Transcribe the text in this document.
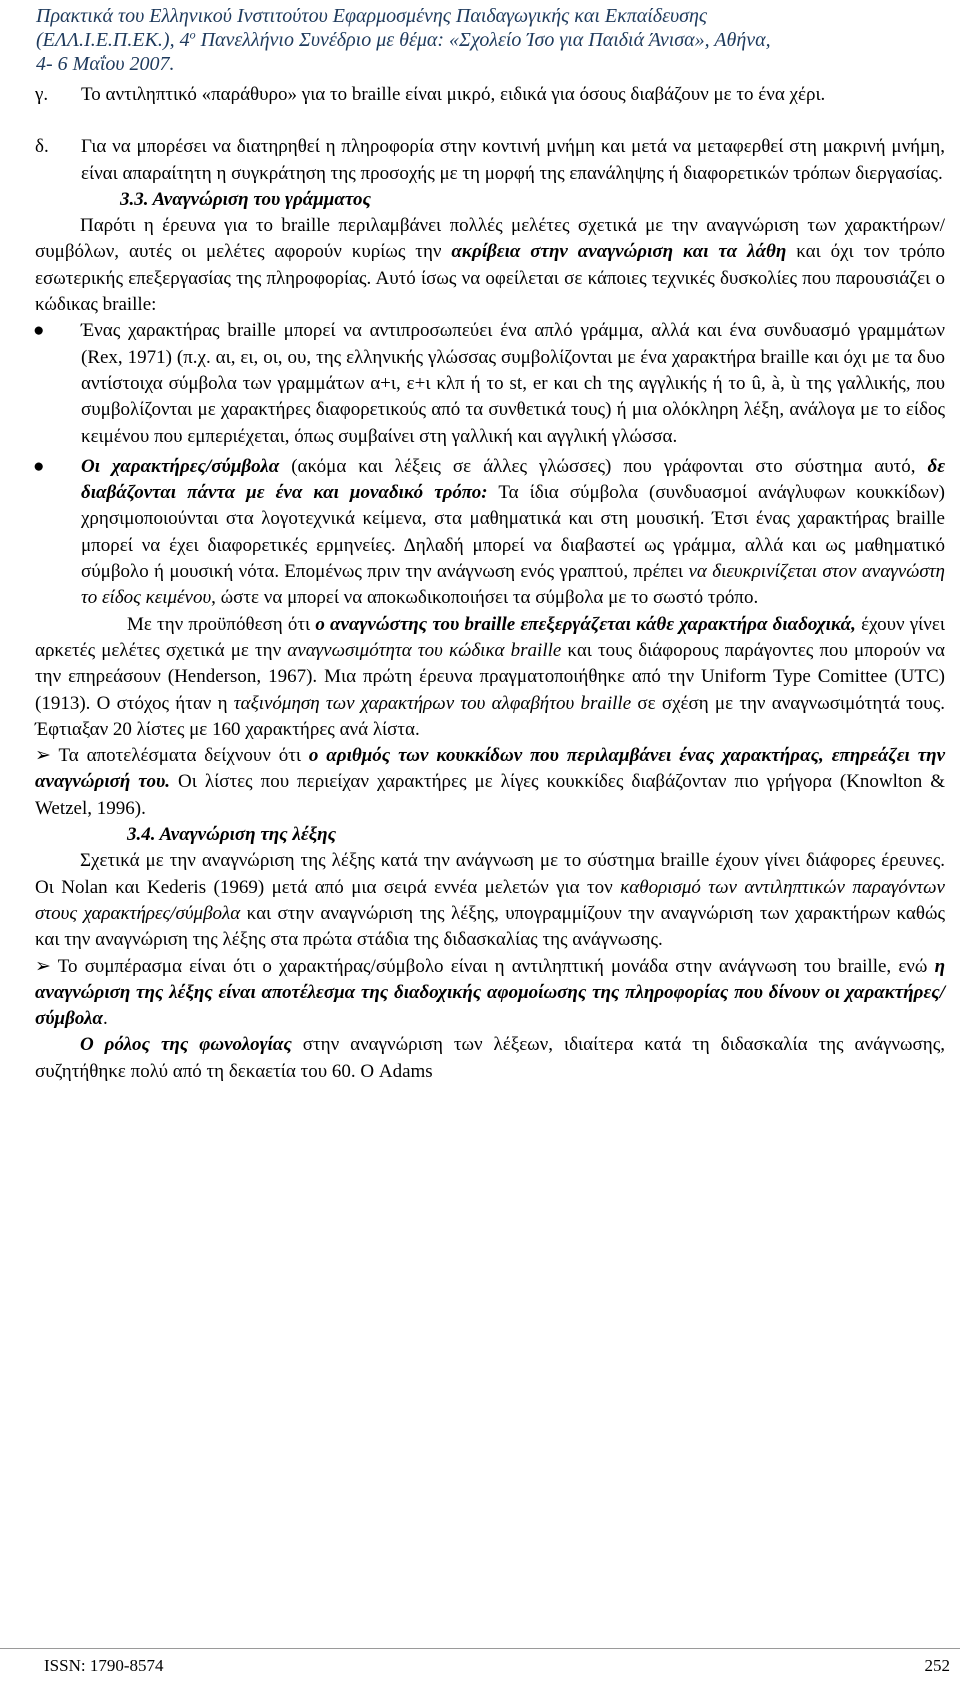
Πρακτικά του Ελληνικού Ινστιτούτου Εφαρμοσμένης Παιδαγωγικής και Εκπαίδευσης
(ΕΛΛ.Ι.Ε.Π.ΕΚ.), $4^o$ Πανελλήνιο Συνέδριο με θέμα: «Σχολείο Ίσο για Παιδιά Άνισα», Αθήνα,
4- 6 Μαΐου 2007.
γ. Το αντιληπτικό «παράθυρο» για το braille είναι μικρό, ειδικά για όσους διαβάζουν με το ένα χέρι.
δ. Για να μπορέσει να διατηρηθεί η πληροφορία στην κοντινή μνήμη και μετά να μεταφερθεί στη μακρινή μνήμη, είναι απαραίτητη η συγκράτηση της προσοχής με τη μορφή της επανάληψης ή διαφορετικών τρόπων διεργασίας.
3.3. Αναγνώριση του γράμματος

Παρότι η έρευνα για το braille περιλαμβάνει πολλές μελέτες σχετικά με την αναγνώριση των χαρακτήρων/συμβόλων, αυτές οι μελέτες αφορούν κυρίως την ακρίβεια στην αναγνώριση και τα λάθη και όχι τον τρόπο εσωτερικής επεξεργασίας της πληροφορίας. Αυτό ίσως να οφείλεται σε κάποιες τεχνικές δυσκολίες που παρουσιάζει ο κώδικας braille:

● Ένας χαρακτήρας braille μπορεί να αντιπροσωπεύει ένα απλό γράμμα, αλλά και ένα συνδυασμό γραμμάτων (Rex, 1971) (π.χ. αι, ει, οι, ου, της ελληνικής γλώσσας συμβολίζονται με ένα χαρακτήρα braille και όχι με τα δυο αντίστοιχα σύμβολα των γραμμάτων α+ι, ε+ι κλπ ή το st, er και ch της αγγλικής ή το û, à, ù της γαλλικής, που συμβολίζονται με χαρακτήρες διαφορετικούς από τα συνθετικά τους) ή μια ολόκληρη λέξη, ανάλογα με το είδος κειμένου που εμπεριέχεται, όπως συμβαίνει στη γαλλική και αγγλική γλώσσα.
● Οι χαρακτήρες/σύμβολα (ακόμα και λέξεις σε άλλες γλώσσες) που γράφονται στο σύστημα αυτό, δε διαβάζονται πάντα με ένα και μοναδικό τρόπο: Τα ίδια σύμβολα (συνδυασμοί ανάγλυφων κουκκίδων) χρησιμοποιούνται στα λογοτεχνικά κείμενα, στα μαθηματικά και στη μουσική. Έτσι ένας χαρακτήρας braille μπορεί να έχει διαφορετικές ερμηνείες. Δηλαδή μπορεί να διαβαστεί ως γράμμα, αλλά και ως μαθηματικό σύμβολο ή μουσική νότα. Επομένως πριν την ανάγνωση ενός γραπτού, πρέπει να διευκρινίζεται στον αναγνώστη το είδος κειμένου, ώστε να μπορεί να αποκωδικοποιήσει τα σύμβολα με το σωστό τρόπο.

Με την προϋπόθεση ότι ο αναγνώστης του braille επεξεργάζεται κάθε χαρακτήρα διαδοχικά, έχουν γίνει αρκετές μελέτες σχετικά με την αναγνωσιμότητα του κώδικα braille και τους διάφορους παράγοντες που μπορούν να την επηρεάσουν (Henderson, 1967). Μια πρώτη έρευνα πραγματοποιήθηκε από την Uniform Type Comittee (UTC) (1913). Ο στόχος ήταν η ταξινόμηση των χαρακτήρων του αλφαβήτου braille σε σχέση με την αναγνωσιμότητά τους. Έφτιαξαν 20 λίστες με 160 χαρακτήρες ανά λίστα.

➢ Τα αποτελέσματα δείχνουν ότι ο αριθμός των κουκκίδων που περιλαμβάνει ένας χαρακτήρας, επηρεάζει την αναγνώρισή του. Οι λίστες που περιείχαν χαρακτήρες με λίγες κουκκίδες διαβάζονταν πιο γρήγορα (Knowlton & Wetzel, 1996).

3.4. Αναγνώριση της λέξης

Σχετικά με την αναγνώριση της λέξης κατά την ανάγνωση με το σύστημα braille έχουν γίνει διάφορες έρευνες. Οι Nolan και Kederis (1969) μετά από μια σειρά εννέα μελετών για τον καθορισμό των αντιληπτικών παραγόντων στους χαρακτήρες/σύμβολα και στην αναγνώριση της λέξης, υπογραμμίζουν την αναγνώριση των χαρακτήρων καθώς και την αναγνώριση της λέξης στα πρώτα στάδια της διδασκαλίας της ανάγνωσης.

➢ Το συμπέρασμα είναι ότι ο χαρακτήρας/σύμβολο είναι η αντιληπτική μονάδα στην ανάγνωση του braille, ενώ η αναγνώριση της λέξης είναι αποτέλεσμα της διαδοχικής αφομοίωσης της πληροφορίας που δίνουν οι χαρακτήρες/σύμβολα.

Ο ρόλος της φωνολογίας στην αναγνώριση των λέξεων, ιδιαίτερα κατά τη διδασκαλία της ανάγνωσης, συζητήθηκε πολύ από τη δεκαετία του 60. Ο Adams

ISSN: 1790-8574	252
